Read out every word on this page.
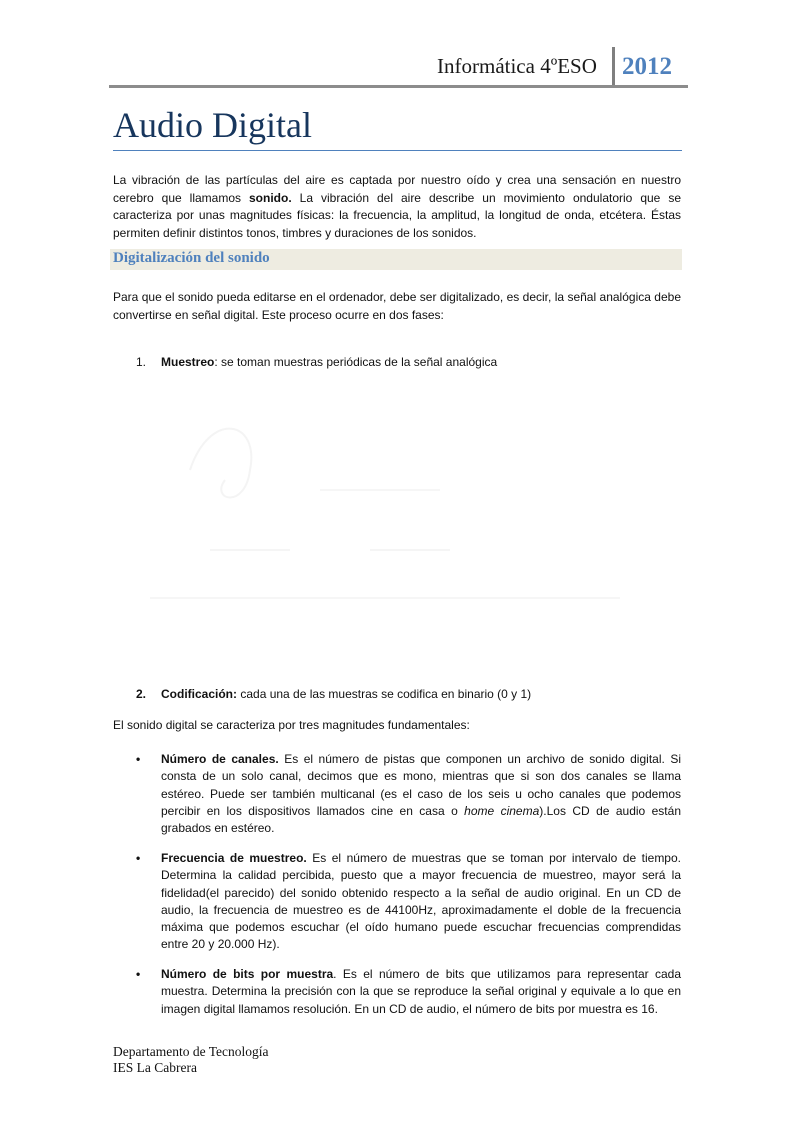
Informática 4ºESO 2012
Audio Digital
La vibración de las partículas del aire es captada por nuestro oído y crea una sensación en nuestro cerebro que llamamos sonido. La vibración del aire describe un movimiento ondulatorio que se caracteriza por unas magnitudes físicas: la frecuencia, la amplitud, la longitud de onda, etcétera. Éstas permiten definir distintos tonos, timbres y duraciones de los sonidos.
Digitalización del sonido
Para que el sonido pueda editarse en el ordenador, debe ser digitalizado, es decir, la señal analógica debe convertirse en señal digital. Este proceso ocurre en dos fases:
1. Muestreo: se toman muestras periódicas de la señal analógica
2. Codificación: cada una de las muestras se codifica en binario (0 y 1)
El sonido digital se caracteriza por tres magnitudes fundamentales:
•	Número de canales. Es el número de pistas que componen un archivo de sonido digital. Si consta de un solo canal, decimos que es mono, mientras que si son dos canales se llama estéreo. Puede ser también multicanal (es el caso de los seis u ocho canales que podemos percibir en los dispositivos llamados cine en casa o home cinema).Los CD de audio están grabados en estéreo.
•	Frecuencia de muestreo. Es el número de muestras que se toman por intervalo de tiempo. Determina la calidad percibida, puesto que a mayor frecuencia de muestreo, mayor será la fidelidad(el parecido) del sonido obtenido respecto a la señal de audio original. En un CD de audio, la frecuencia de muestreo es de 44100Hz, aproximadamente el doble de la frecuencia máxima que podemos escuchar (el oído humano puede escuchar frecuencias comprendidas entre 20 y 20.000 Hz).
•	Número de bits por muestra. Es el número de bits que utilizamos para representar cada muestra. Determina la precisión con la que se reproduce la señal original y equivale a lo que en imagen digital llamamos resolución. En un CD de audio, el número de bits por muestra es 16.
Departamento de Tecnología
IES La Cabrera
